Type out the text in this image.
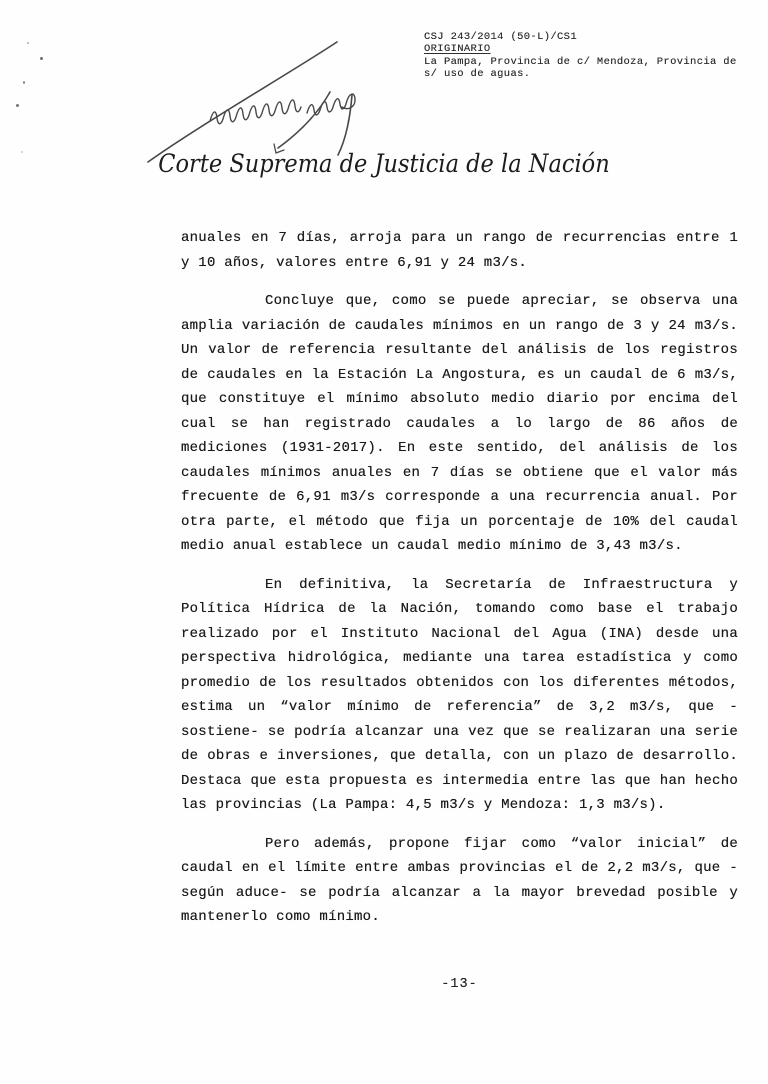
CSJ 243/2014 (50-L)/CS1
ORIGINARIO
La Pampa, Provincia de c/ Mendoza, Provincia de
s/ uso de aguas.
Corte Suprema de Justicia de la Nación

anuales en 7 días, arroja para un rango de recurrencias entre 1 y 10 años, valores entre 6,91 y 24 m3/s.

Concluye que, como se puede apreciar, se observa una amplia variación de caudales mínimos en un rango de 3 y 24 m3/s. Un valor de referencia resultante del análisis de los registros de caudales en la Estación La Angostura, es un caudal de 6 m3/s, que constituye el mínimo absoluto medio diario por encima del cual se han registrado caudales a lo largo de 86 años de mediciones (1931-2017). En este sentido, del análisis de los caudales mínimos anuales en 7 días se obtiene que el valor más frecuente de 6,91 m3/s corresponde a una recurrencia anual. Por otra parte, el método que fija un porcentaje de 10% del caudal medio anual establece un caudal medio mínimo de 3,43 m3/s.

En definitiva, la Secretaría de Infraestructura y Política Hídrica de la Nación, tomando como base el trabajo realizado por el Instituto Nacional del Agua (INA) desde una perspectiva hidrológica, mediante una tarea estadística y como promedio de los resultados obtenidos con los diferentes métodos, estima un “valor mínimo de referencia” de 3,2 m3/s, que -sostiene- se podría alcanzar una vez que se realizaran una serie de obras e inversiones, que detalla, con un plazo de desarrollo. Destaca que esta propuesta es intermedia entre las que han hecho las provincias (La Pampa: 4,5 m3/s y Mendoza: 1,3 m3/s).

Pero además, propone fijar como “valor inicial” de caudal en el límite entre ambas provincias el de 2,2 m3/s, que -según aduce- se podría alcanzar a la mayor brevedad posible y mantenerlo como mínimo.

-13-
